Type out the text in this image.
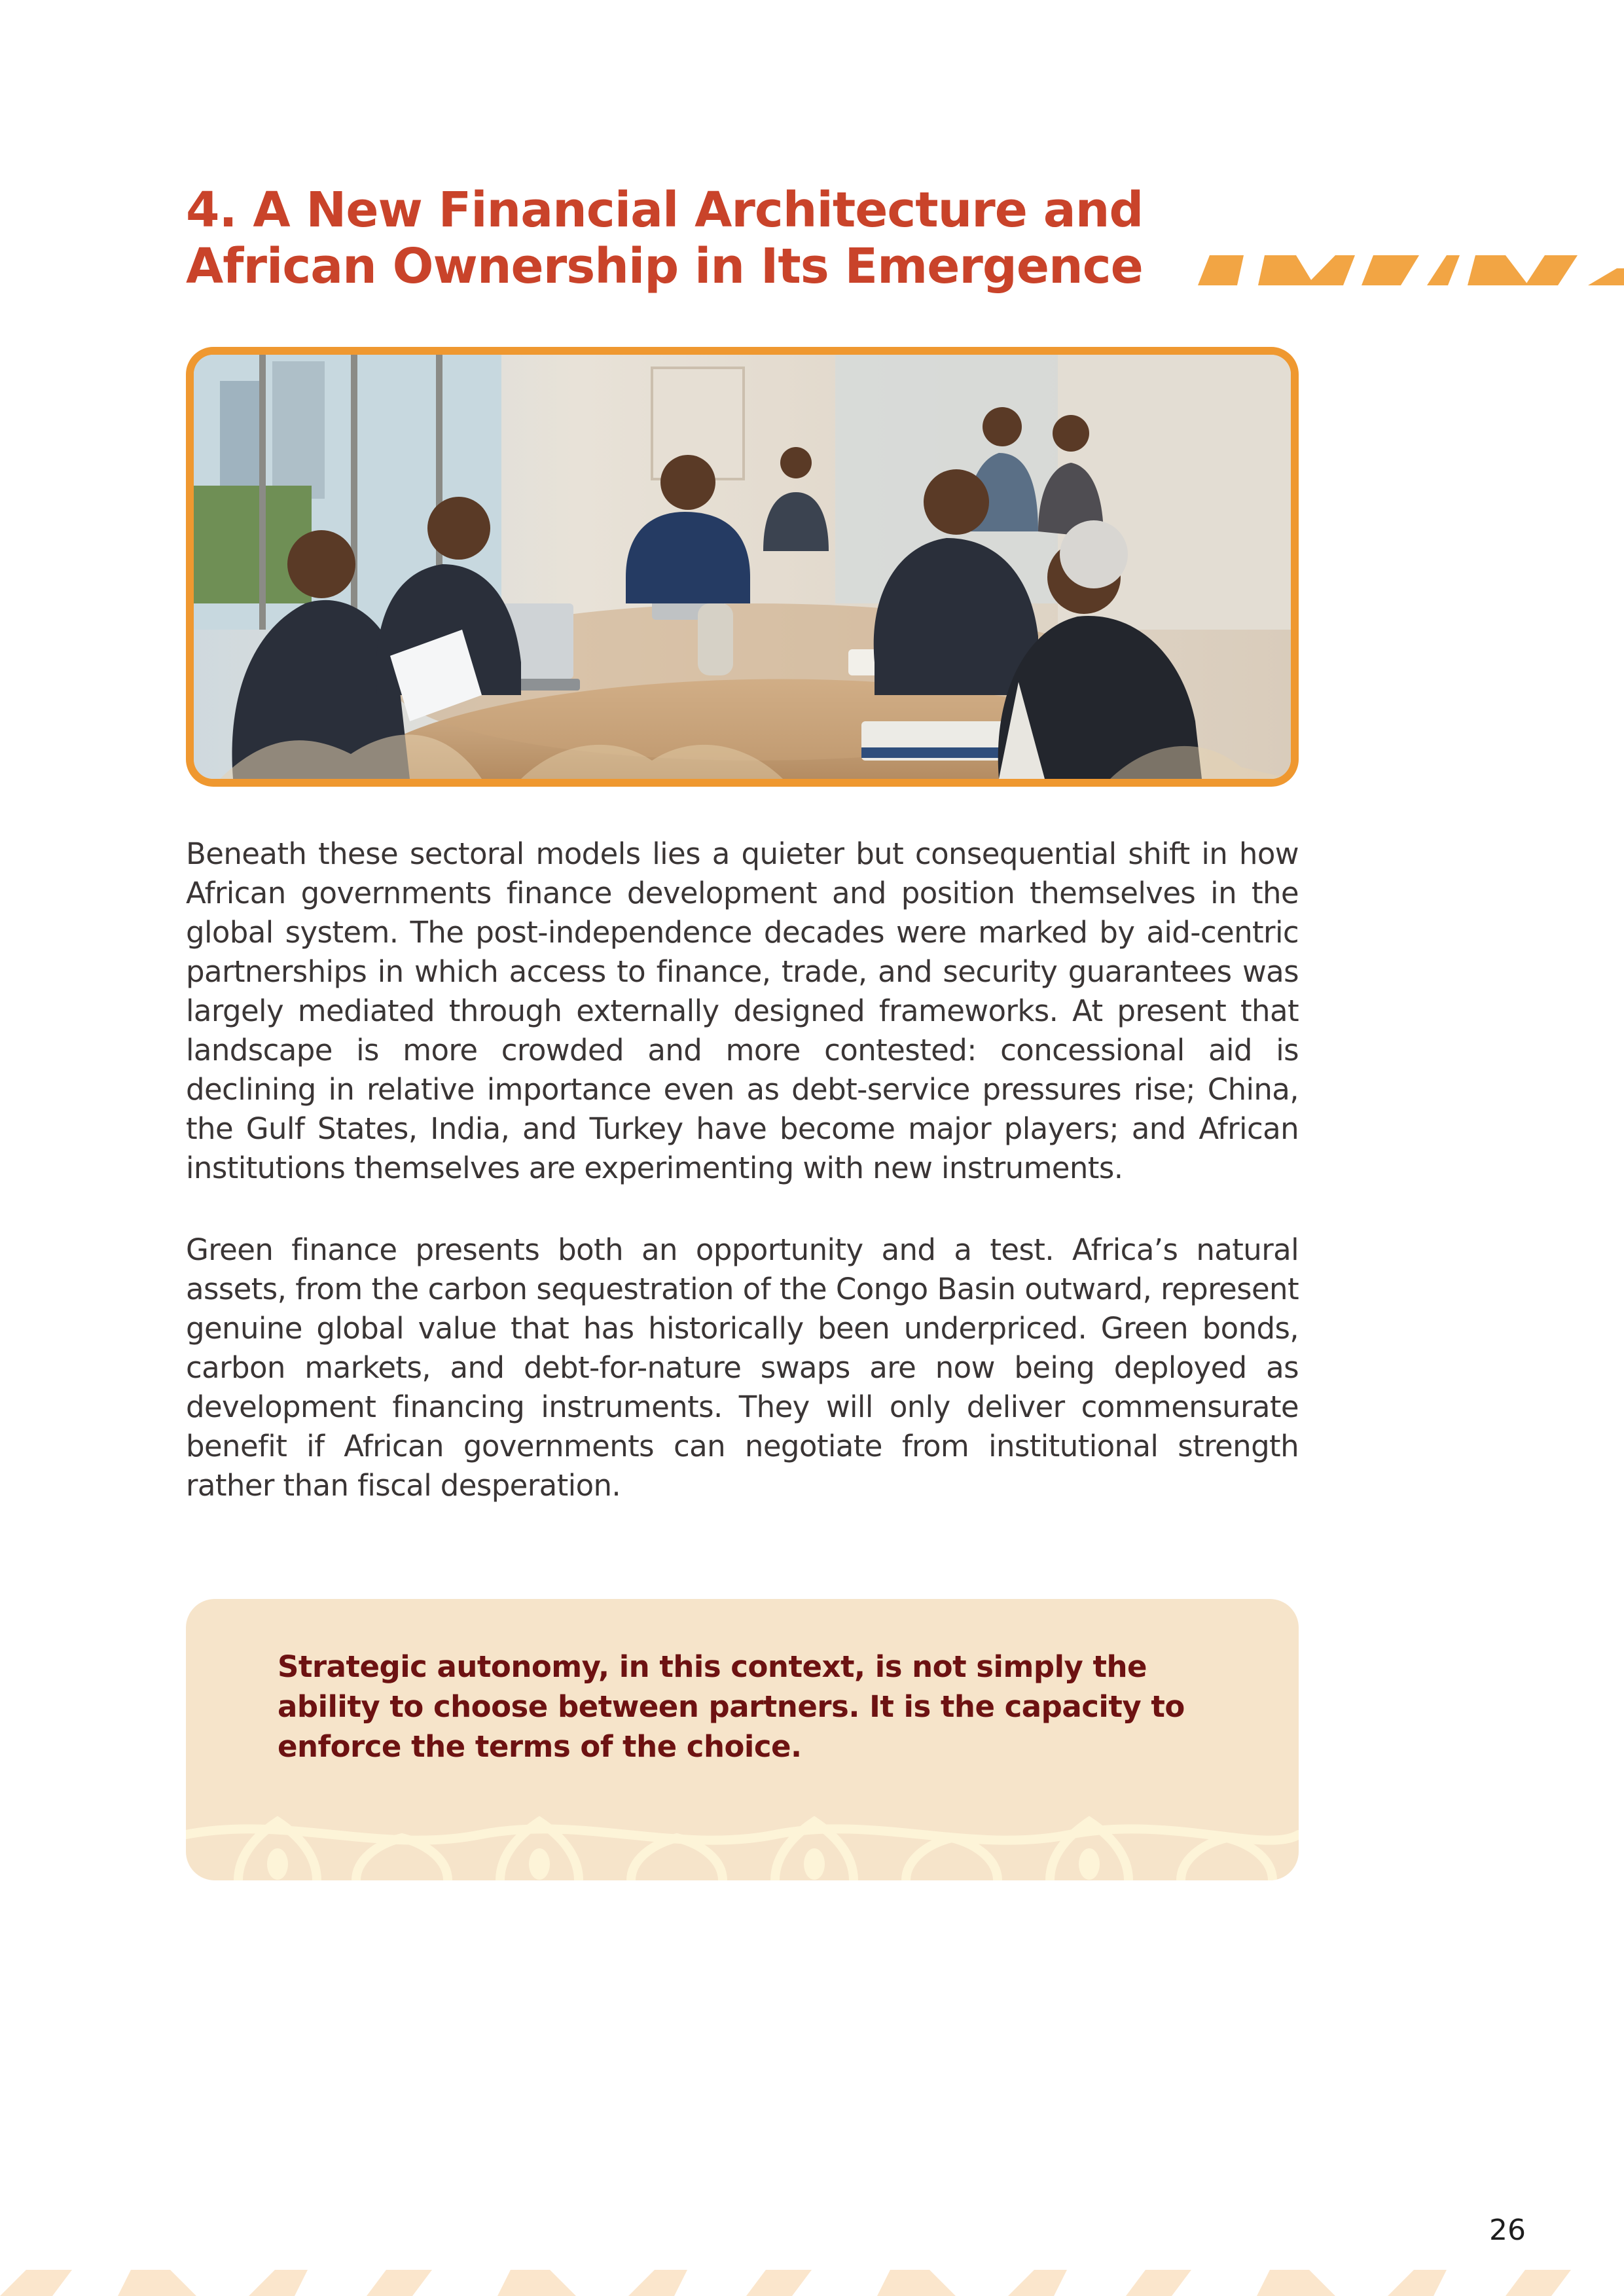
4. A New Financial Architecture and
African Ownership in Its Emergence

Beneath these sectoral models lies a quieter but consequential shift in how African governments finance development and position themselves in the global system. The post-independence decades were marked by aid-centric partnerships in which access to finance, trade, and security guarantees was largely mediated through externally designed frameworks. At present that landscape is more crowded and more contested: concessional aid is declining in relative importance even as debt-service pressures rise; China, the Gulf States, India, and Turkey have become major players; and African institutions themselves are experimenting with new instruments.

Green finance presents both an opportunity and a test. Africa’s natural assets, from the carbon sequestration of the Congo Basin outward, represent genuine global value that has historically been underpriced. Green bonds, carbon markets, and debt-for-nature swaps are now being deployed as development financing instruments. They will only deliver commensurate benefit if African governments can negotiate from institutional strength rather than fiscal desperation.

Strategic autonomy, in this context, is not simply the ability to choose between partners. It is the capacity to enforce the terms of the choice.

26
